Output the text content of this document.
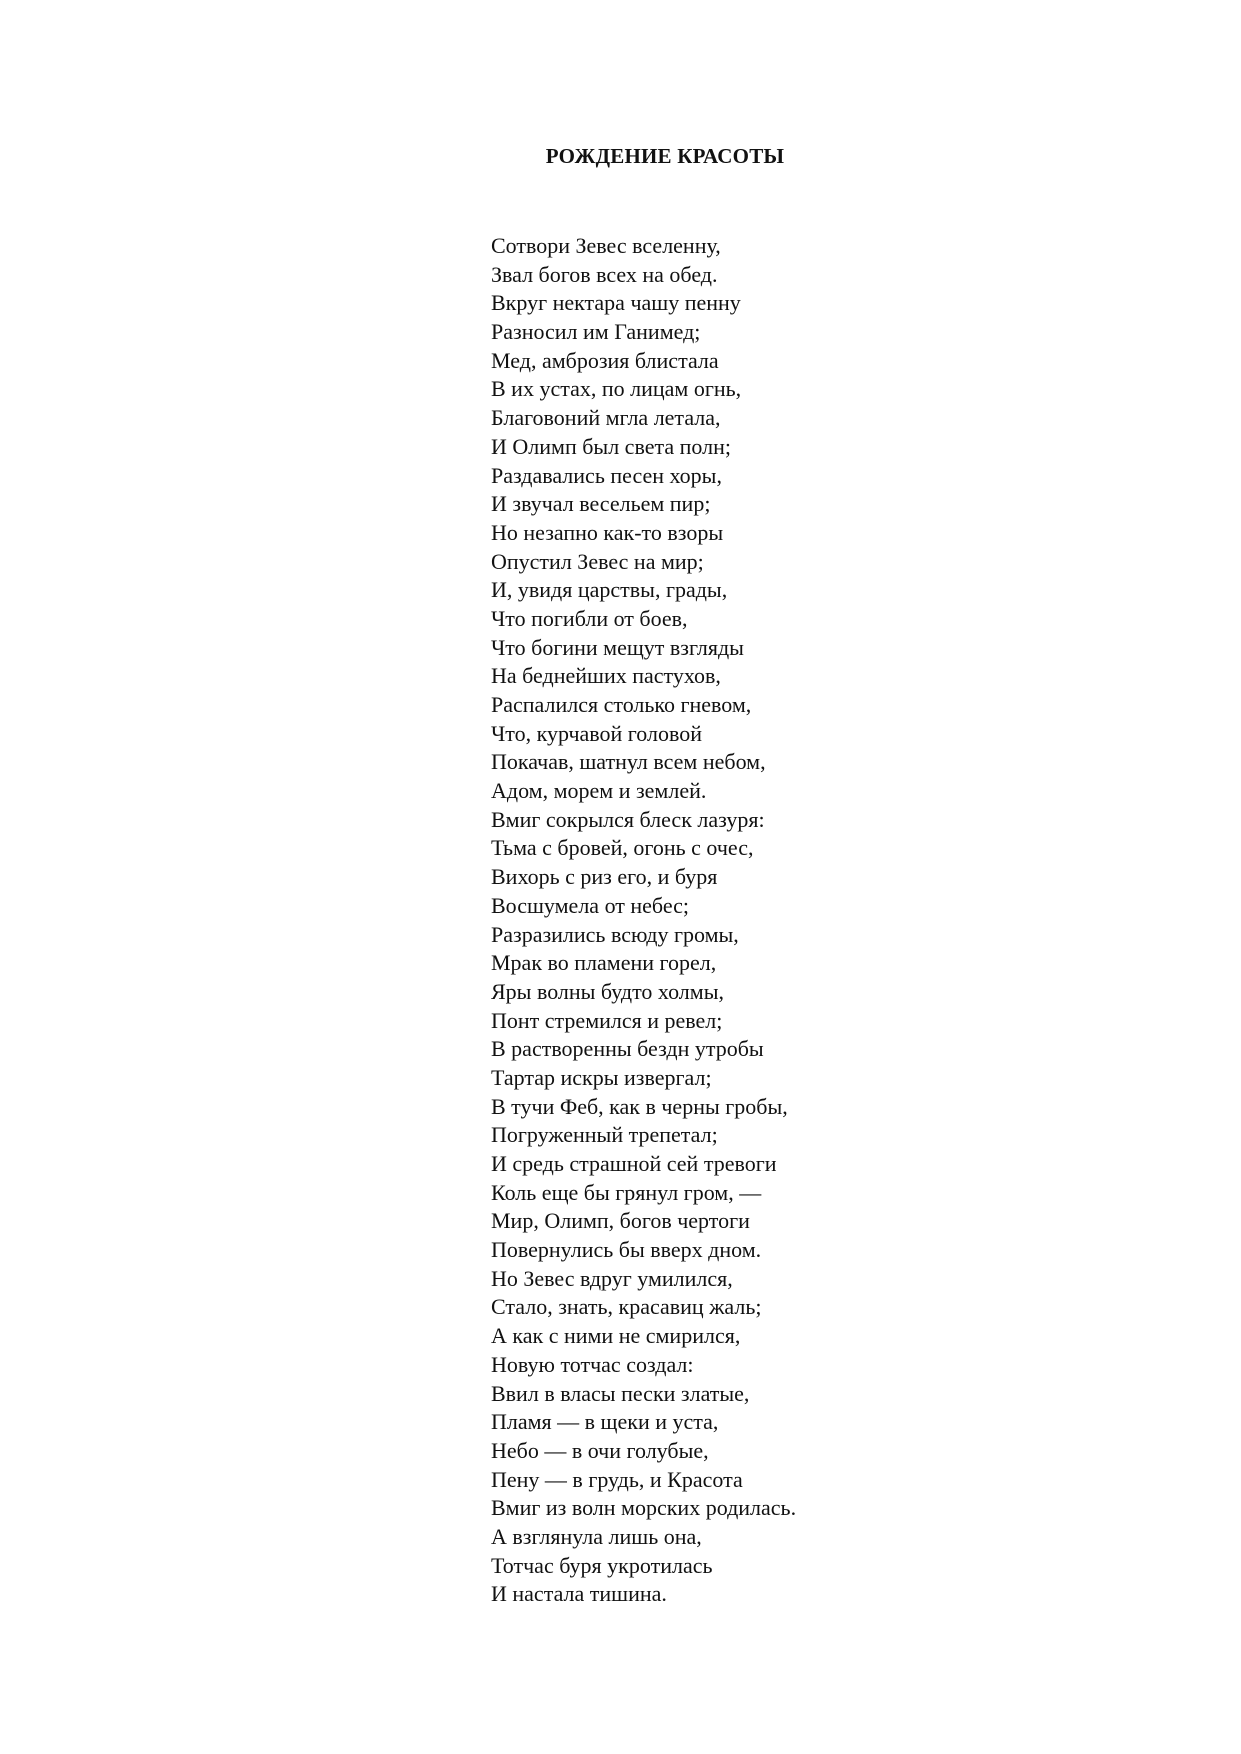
РОЖДЕНИЕ КРАСОТЫ
Сотвори Зевес вселенну,
Звал богов всех на обед.
Вкруг нектара чашу пенну
Разносил им Ганимед;
Мед, амброзия блистала
В их устах, по лицам огнь,
Благовоний мгла летала,
И Олимп был света полн;
Раздавались песен хоры,
И звучал весельем пир;
Но незапно как-то взоры
Опустил Зевес на мир;
И, увидя царствы, грады,
Что погибли от боев,
Что богини мещут взгляды
На беднейших пастухов,
Распалился столько гневом,
Что, курчавой головой
Покачав, шатнул всем небом,
Адом, морем и землей.
Вмиг сокрылся блеск лазуря:
Тьма с бровей, огонь с очес,
Вихорь с риз его, и буря
Восшумела от небес;
Разразились всюду громы,
Мрак во пламени горел,
Яры волны будто холмы,
Понт стремился и ревел;
В растворенны бездн утробы
Тартар искры извергал;
В тучи Феб, как в черны гробы,
Погруженный трепетал;
И средь страшной сей тревоги
Коль еще бы грянул гром, —
Мир, Олимп, богов чертоги
Повернулись бы вверх дном.
Но Зевес вдруг умилился,
Стало, знать, красавиц жаль;
А как с ними не смирился,
Новую тотчас создал:
Ввил в власы пески златые,
Пламя — в щеки и уста,
Небо — в очи голубые,
Пену — в грудь, и Красота
Вмиг из волн морских родилась.
А взглянула лишь она,
Тотчас буря укротилась
И настала тишина.
